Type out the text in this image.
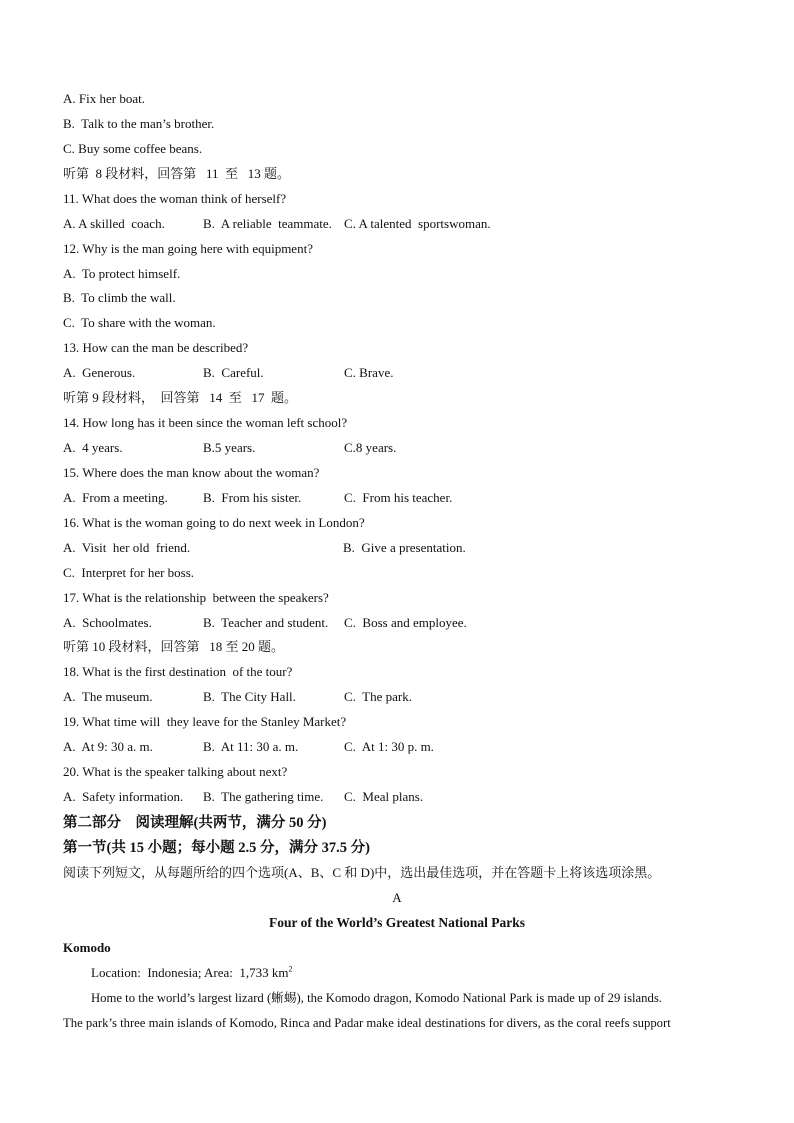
A. Fix her boat.
B.  Talk to the man’s brother.
C. Buy some coffee beans.
听第  8 段材料，回答第   11  至   13 题。
11. What does the woman think of herself?
A. A skilled  coach.	B.  A reliable  teammate. C. A talented  sportswoman.
12. Why is the man going here with equipment?
A.  To protect himself.
B.  To climb the wall.
C.  To share with the woman.
13. How can the man be described?
A.  Generous.	B.  Careful.	C. Brave.
听第 9 段材料，  回答第   14  至   17  题。
14. How long has it been since the woman left school?
A.  4 years.	B.5 years.	C.8 years.
15. Where does the man know about the woman?
A.  From a meeting.	B.  From his sister.	C.  From his teacher.
16. What is the woman going to do next week in London?
A.  Visit  her old  friend.	B.  Give a presentation.
C.  Interpret for her boss.
17. What is the relationship  between the speakers?
A.  Schoolmates.	B.  Teacher and student. C.  Boss and employee.
听第 10 段材料，回答第   18 至 20 题。
18. What is the first destination  of the tour?
A.  The museum.	B.  The City Hall.	C.  The park.
19. What time will  they leave for the Stanley Market?
A.  At 9: 30 a. m.	B.  At 11: 30 a. m.	C.  At 1: 30 p. m.
20. What is the speaker talking about next?
A.  Safety information. B.  The gathering time. C.  Meal plans.
第二部分    阅读理解(共两节，满分 50 分)
第一节(共 15 小题；每小题 2.5 分，满分 37.5 分)
阅读下列短文，从每题所给的四个选项(A、B、C 和 D)中，选出最佳选项，并在答题卡上将该选项涂黑。
A
Four of the World’s Greatest National Parks
Komodo
Location:  Indonesia; Area:  1,733 $km^2$
Home to the world’s largest lizard (蜥蜴), the Komodo dragon, Komodo National Park is made up of 29 islands.
The park’s three main islands of Komodo, Rinca and Padar make ideal destinations for divers, as the coral reefs support
